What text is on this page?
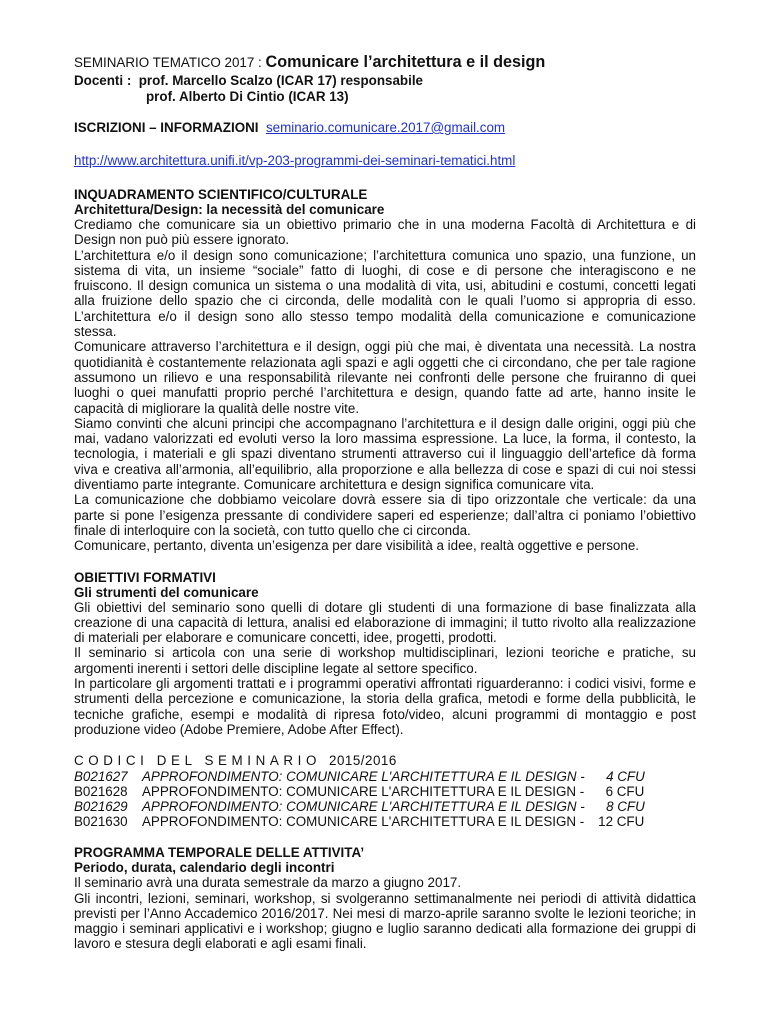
SEMINARIO TEMATICO 2017 : Comunicare l’architettura e il design
Docenti : prof. Marcello Scalzo (ICAR 17) responsabile
prof. Alberto Di Cintio (ICAR 13)
ISCRIZIONI – INFORMAZIONI seminario.comunicare.2017@gmail.com
http://www.architettura.unifi.it/vp-203-programmi-dei-seminari-tematici.html
INQUADRAMENTO SCIENTIFICO/CULTURALE
Architettura/Design: la necessità del comunicare

Crediamo che comunicare sia un obiettivo primario che in una moderna Facoltà di Architettura e di Design non può più essere ignorato.

L’architettura e/o il design sono comunicazione; l’architettura comunica uno spazio, una funzione, un sistema di vita, un insieme “sociale” fatto di luoghi, di cose e di persone che interagiscono e ne fruiscono. Il design comunica un sistema o una modalità di vita, usi, abitudini e costumi, concetti legati alla fruizione dello spazio che ci circonda, delle modalità con le quali l’uomo si appropria di esso. L’architettura e/o il design sono allo stesso tempo modalità della comunicazione e comunicazione stessa.

Comunicare attraverso l’architettura e il design, oggi più che mai, è diventata una necessità. La nostra quotidianità è costantemente relazionata agli spazi e agli oggetti che ci circondano, che per tale ragione assumono un rilievo e una responsabilità rilevante nei confronti delle persone che fruiranno di quei luoghi o quei manufatti proprio perché l’architettura e design, quando fatte ad arte, hanno insite le capacità di migliorare la qualità delle nostre vite.

Siamo convinti che alcuni principi che accompagnano l’architettura e il design dalle origini, oggi più che mai, vadano valorizzati ed evoluti verso la loro massima espressione. La luce, la forma, il contesto, la tecnologia, i materiali e gli spazi diventano strumenti attraverso cui il linguaggio dell’artefice dà forma viva e creativa all’armonia, all’equilibrio, alla proporzione e alla bellezza di cose e spazi di cui noi stessi diventiamo parte integrante. Comunicare architettura e design significa comunicare vita.

La comunicazione che dobbiamo veicolare dovrà essere sia di tipo orizzontale che verticale: da una parte si pone l’esigenza pressante di condividere saperi ed esperienze; dall’altra ci poniamo l’obiettivo finale di interloquire con la società, con tutto quello che ci circonda.

Comunicare, pertanto, diventa un’esigenza per dare visibilità a idee, realtà oggettive e persone.

OBIETTIVI FORMATIVI
Gli strumenti del comunicare

Gli obiettivi del seminario sono quelli di dotare gli studenti di una formazione di base finalizzata alla creazione di una capacità di lettura, analisi ed elaborazione di immagini; il tutto rivolto alla realizzazione di materiali per elaborare e comunicare concetti, idee, progetti, prodotti.

Il seminario si articola con una serie di workshop multidisciplinari, lezioni teoriche e pratiche, su argomenti inerenti i settori delle discipline legate al settore specifico.

In particolare gli argomenti trattati e i programmi operativi affrontati riguarderanno: i codici visivi, forme e strumenti della percezione e comunicazione, la storia della grafica, metodi e forme della pubblicità, le tecniche grafiche, esempi e modalità di ripresa foto/video, alcuni programmi di montaggio e post produzione video (Adobe Premiere, Adobe After Effect).

CODICI DEL SEMINARIO 2015/2016
B021627 APPROFONDIMENTO: COMUNICARE L'ARCHITETTURA E IL DESIGN - 4 CFU
B021628 APPROFONDIMENTO: COMUNICARE L'ARCHITETTURA E IL DESIGN - 6 CFU
B021629 APPROFONDIMENTO: COMUNICARE L'ARCHITETTURA E IL DESIGN - 8 CFU
B021630 APPROFONDIMENTO: COMUNICARE L'ARCHITETTURA E IL DESIGN - 12 CFU
PROGRAMMA TEMPORALE DELLE ATTIVITA’
Periodo, durata, calendario degli incontri

Il seminario avrà una durata semestrale da marzo a giugno 2017.

Gli incontri, lezioni, seminari, workshop, si svolgeranno settimanalmente nei periodi di attività didattica previsti per l’Anno Accademico 2016/2017. Nei mesi di marzo-aprile saranno svolte le lezioni teoriche; in maggio i seminari applicativi e i workshop; giugno e luglio saranno dedicati alla formazione dei gruppi di lavoro e stesura degli elaborati e agli esami finali.
